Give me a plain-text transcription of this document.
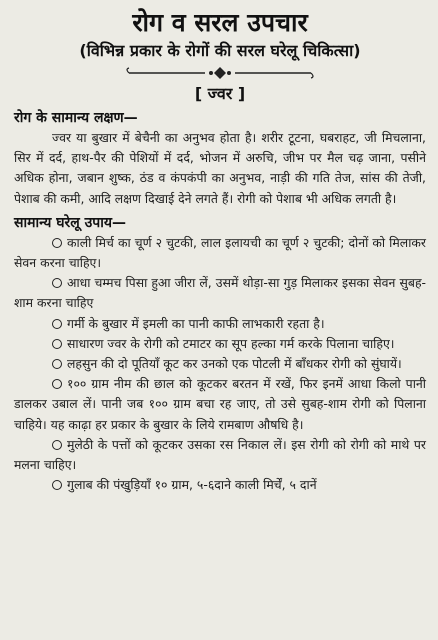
रोग व सरल उपचार
(विभिन्न प्रकार के रोगों की सरल घरेलू चिकित्सा)
[ ज्वर ]
रोग के सामान्य लक्षण—

ज्वर या बुखार में बेचैनी का अनुभव होता है। शरीर टूटना, घबराहट, जी मिचलाना, सिर में दर्द, हाथ-पैर की पेशियों में दर्द, भोजन में अरुचि, जीभ पर मैल चढ़ जाना, पसीने अधिक होना, जबान शुष्क, ठंड व कंपकंपी का अनुभव, नाड़ी की गति तेज, सांस की तेजी, पेशाब की कमी, आदि लक्षण दिखाई देने लगते हैं। रोगी को पेशाब भी अधिक लगती है।

सामान्य घरेलू उपाय—
काली मिर्च का चूर्ण २ चुटकी, लाल इलायची का चूर्ण २ चुटकी; दोनों को मिलाकर सेवन करना चाहिए।
आधा चम्मच पिसा हुआ जीरा लें, उसमें थोड़ा-सा गुड़ मिलाकर इसका सेवन सुबह-शाम करना चाहिए
गर्मी के बुखार में इमली का पानी काफी लाभकारी रहता है।
साधारण ज्वर के रोगी को टमाटर का सूप हल्का गर्म करके पिलाना चाहिए।
लहसुन की दो पूतियाँ कूट कर उनको एक पोटली में बाँधकर रोगी को सुंघायें।
१०० ग्राम नीम की छाल को कूटकर बरतन में रखें, फिर इनमें आधा किलो पानी डालकर उबाल लें। पानी जब १०० ग्राम बचा रह जाए, तो उसे सुबह-शाम रोगी को पिलाना चाहिये। यह काढ़ा हर प्रकार के बुखार के लिये रामबाण औषधि है।
मुलेठी के पत्तों को कूटकर उसका रस निकाल लें। इस रोगी को रोगी को माथे पर मलना चाहिए।
गुलाब की पंखुड़ियाँ १० ग्राम, ५-६दाने काली मिर्चें, ५ दानें
